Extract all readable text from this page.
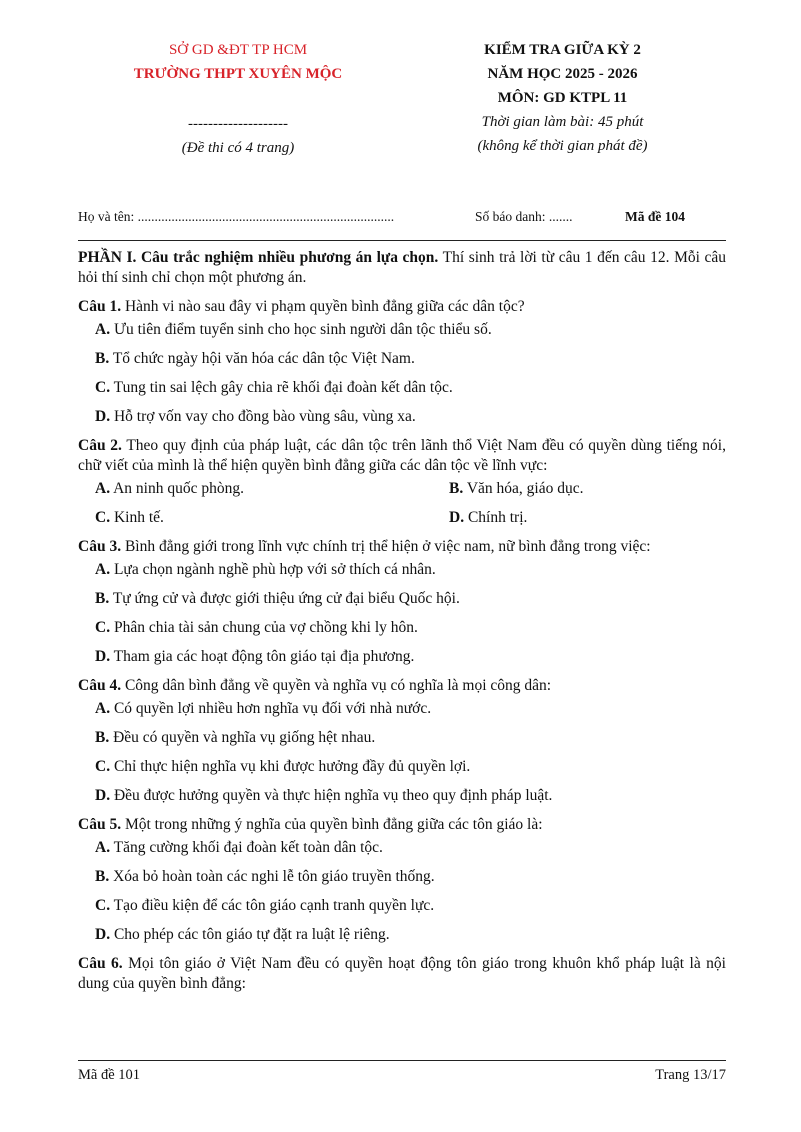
SỞ GD &ĐT TP HCM
TRƯỜNG THPT XUYÊN MỘC
--------------------
(Đề thi có 4 trang)
KIỂM TRA GIỮA KỲ 2
NĂM HỌC 2025 - 2026
MÔN: GD KTPL 11
Thời gian làm bài: 45 phút
(không kể thời gian phát đề)
Họ và tên: ............................................................................	Số báo danh: .......	Mã đề 104
PHẦN I. Câu trắc nghiệm nhiều phương án lựa chọn. Thí sinh trả lời từ câu 1 đến câu 12. Mỗi câu hỏi thí sinh chỉ chọn một phương án.
Câu 1. Hành vi nào sau đây vi phạm quyền bình đẳng giữa các dân tộc?
A. Ưu tiên điểm tuyển sinh cho học sinh người dân tộc thiểu số.
B. Tổ chức ngày hội văn hóa các dân tộc Việt Nam.
C. Tung tin sai lệch gây chia rẽ khối đại đoàn kết dân tộc.
D. Hỗ trợ vốn vay cho đồng bào vùng sâu, vùng xa.
Câu 2. Theo quy định của pháp luật, các dân tộc trên lãnh thổ Việt Nam đều có quyền dùng tiếng nói, chữ viết của mình là thể hiện quyền bình đẳng giữa các dân tộc về lĩnh vực:
A. An ninh quốc phòng.	B. Văn hóa, giáo dục.
C. Kinh tế.	D. Chính trị.
Câu 3. Bình đẳng giới trong lĩnh vực chính trị thể hiện ở việc nam, nữ bình đẳng trong việc:
A. Lựa chọn ngành nghề phù hợp với sở thích cá nhân.
B. Tự ứng cử và được giới thiệu ứng cử đại biểu Quốc hội.
C. Phân chia tài sản chung của vợ chồng khi ly hôn.
D. Tham gia các hoạt động tôn giáo tại địa phương.
Câu 4. Công dân bình đẳng về quyền và nghĩa vụ có nghĩa là mọi công dân:
A. Có quyền lợi nhiều hơn nghĩa vụ đối với nhà nước.
B. Đều có quyền và nghĩa vụ giống hệt nhau.
C. Chỉ thực hiện nghĩa vụ khi được hưởng đầy đủ quyền lợi.
D. Đều được hưởng quyền và thực hiện nghĩa vụ theo quy định pháp luật.
Câu 5. Một trong những ý nghĩa của quyền bình đẳng giữa các tôn giáo là:
A. Tăng cường khối đại đoàn kết toàn dân tộc.
B. Xóa bỏ hoàn toàn các nghi lễ tôn giáo truyền thống.
C. Tạo điều kiện để các tôn giáo cạnh tranh quyền lực.
D. Cho phép các tôn giáo tự đặt ra luật lệ riêng.
Câu 6. Mọi tôn giáo ở Việt Nam đều có quyền hoạt động tôn giáo trong khuôn khổ pháp luật là nội dung của quyền bình đẳng:
Mã đề 101	Trang 13/17
